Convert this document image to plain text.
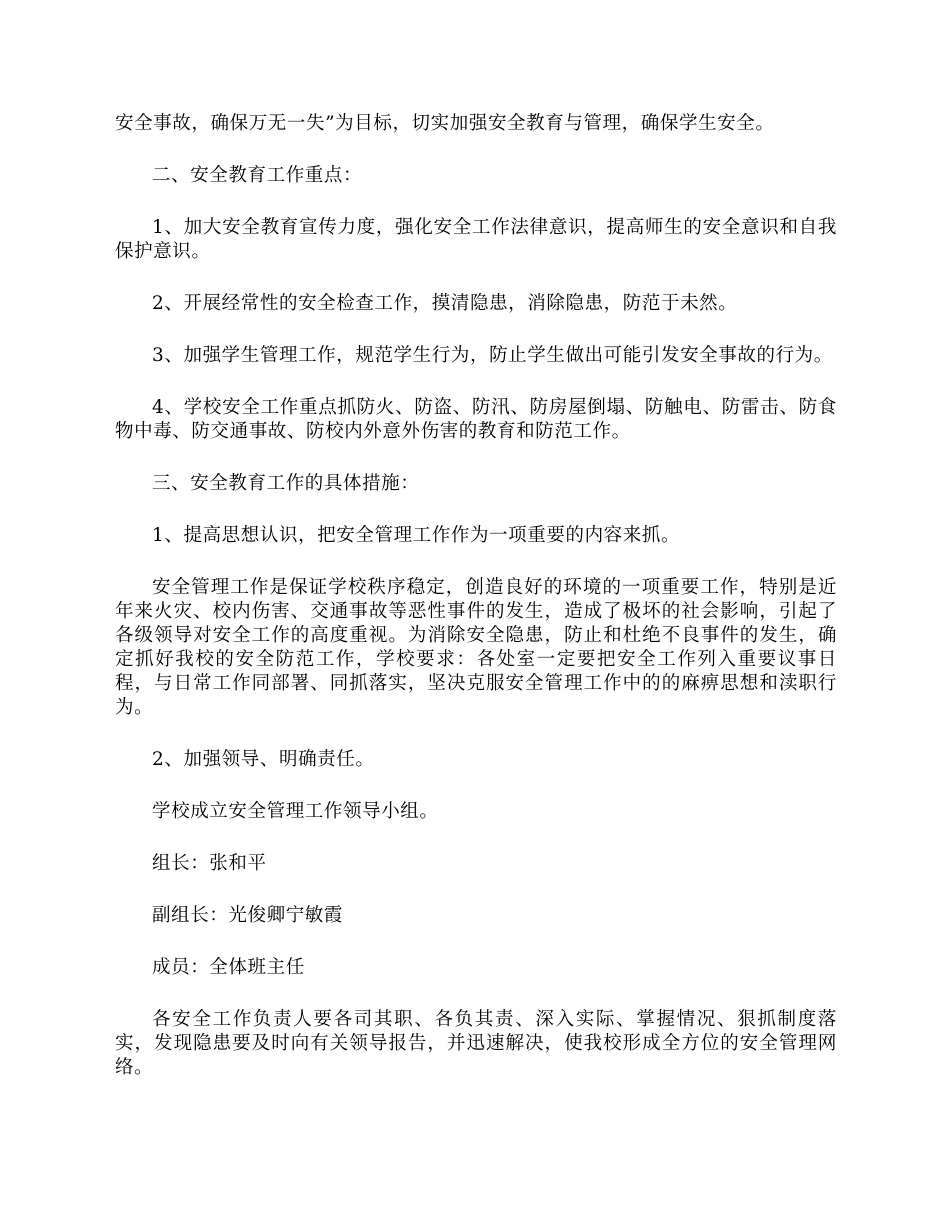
安全事故，确保万无一失”为目标，切实加强安全教育与管理，确保学生安全。

二、安全教育工作重点：

1、加大安全教育宣传力度，强化安全工作法律意识，提高师生的安全意识和自我保护意识。

2、开展经常性的安全检查工作，摸清隐患，消除隐患，防范于未然。

3、加强学生管理工作，规范学生行为，防止学生做出可能引发安全事故的行为。

4、学校安全工作重点抓防火、防盗、防汛、防房屋倒塌、防触电、防雷击、防食物中毒、防交通事故、防校内外意外伤害的教育和防范工作。

三、安全教育工作的具体措施：

1、提高思想认识，把安全管理工作作为一项重要的内容来抓。

安全管理工作是保证学校秩序稳定，创造良好的环境的一项重要工作，特别是近年来火灾、校内伤害、交通事故等恶性事件的发生，造成了极坏的社会影响，引起了各级领导对安全工作的高度重视。为消除安全隐患，防止和杜绝不良事件的发生，确定抓好我校的安全防范工作，学校要求：各处室一定要把安全工作列入重要议事日程，与日常工作同部署、同抓落实，坚决克服安全管理工作中的的麻痹思想和渎职行为。

2、加强领导、明确责任。

学校成立安全管理工作领导小组。

组长：张和平

副组长：光俊卿宁敏霞

成员：全体班主任

各安全工作负责人要各司其职、各负其责、深入实际、掌握情况、狠抓制度落实，发现隐患要及时向有关领导报告，并迅速解决，使我校形成全方位的安全管理网络。
